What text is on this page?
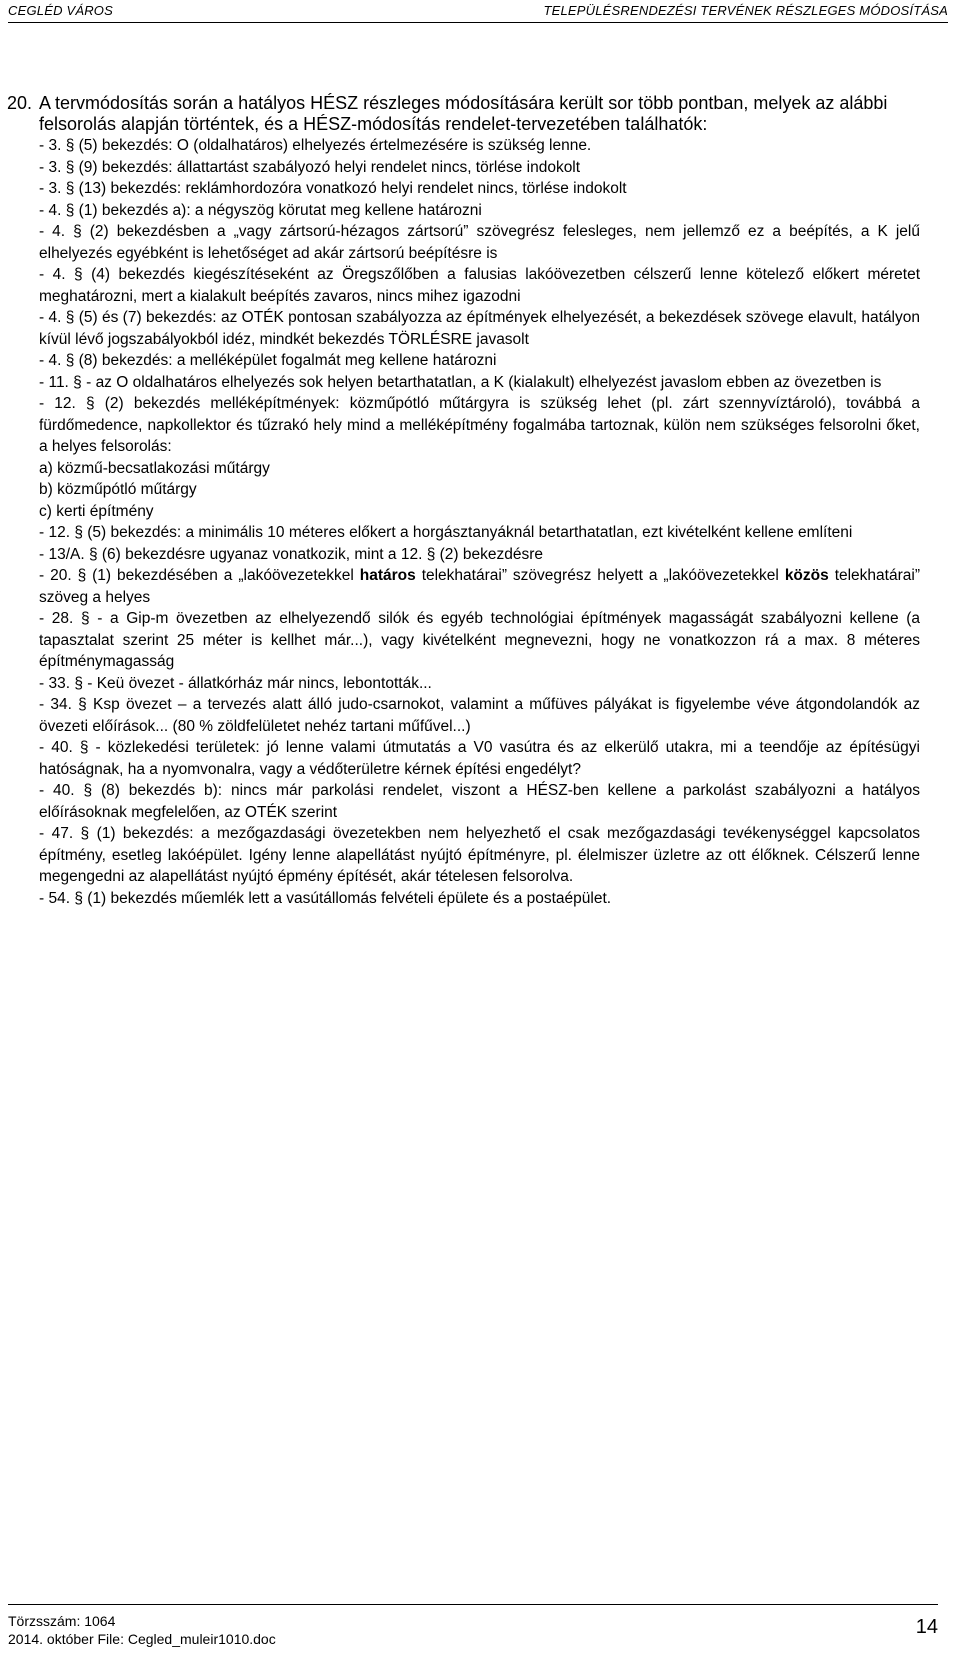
CEGLÉD VÁROS	TELEPÜLÉSRENDEZÉSI TERVÉNEK RÉSZLEGES MÓDOSÍTÁSA
20. A tervmódosítás során a hatályos HÉSZ részleges módosítására került sor több pontban, melyek az alábbi felsorolás alapján történtek, és a HÉSZ-módosítás rendelet-tervezetében találhatók:

- 3. § (5) bekezdés: O (oldalhatáros) elhelyezés értelmezésére is szükség lenne.

- 3. § (9) bekezdés: állattartást szabályozó helyi rendelet nincs, törlése indokolt

- 3. § (13) bekezdés: reklámhordozóra vonatkozó helyi rendelet nincs, törlése indokolt

- 4. § (1) bekezdés a): a négyszög körutat meg kellene határozni

- 4. § (2) bekezdésben a „vagy zártsorú-hézagos zártsorú” szövegrész felesleges, nem jellemző ez a beépítés, a K jelű elhelyezés egyébként is lehetőséget ad akár zártsorú beépítésre is

- 4. § (4) bekezdés kiegészítéseként az Öregszőlőben a falusias lakóövezetben célszerű lenne kötelező előkert méretet meghatározni, mert a kialakult beépítés zavaros, nincs mihez igazodni

- 4. § (5) és (7) bekezdés: az OTÉK pontosan szabályozza az építmények elhelyezését, a bekezdések szövege elavult, hatályon kívül lévő jogszabályokból idéz, mindkét bekezdés TÖRLÉSRE javasolt

- 4. § (8) bekezdés: a melléképület fogalmát meg kellene határozni

- 11. § - az O oldalhatáros elhelyezés sok helyen betarthatatlan, a K (kialakult) elhelyezést javaslom ebben az övezetben is

- 12. § (2) bekezdés melléképítmények: közműpótló műtárgyra is szükség lehet (pl. zárt szennyvíztároló), továbbá a fürdőmedence, napkollektor és tűzrakó hely mind a melléképítmény fogalmába tartoznak, külön nem szükséges felsorolni őket, a helyes felsorolás:

a) közmű-becsatlakozási műtárgy

b) közműpótló műtárgy

c) kerti építmény

- 12. § (5) bekezdés: a minimális 10 méteres előkert a horgásztanyáknál betarthatatlan, ezt kivételként kellene említeni

- 13/A. § (6) bekezdésre ugyanaz vonatkozik, mint a 12. § (2) bekezdésre

- 20. § (1) bekezdésében a „lakóövezetekkel határos telekhatárai” szövegrész helyett a „lakóövezetekkel közös telekhatárai” szöveg a helyes

- 28. § - a Gip-m övezetben az elhelyezendő silók és egyéb technológiai építmények magasságát szabályozni kellene (a tapasztalat szerint 25 méter is kellhet már...), vagy kivételként megnevezni, hogy ne vonatkozzon rá a max. 8 méteres építménymagasság

- 33. § - Keü övezet - állatkórház már nincs, lebontották...

- 34. § Ksp övezet – a tervezés alatt álló judo-csarnokot, valamint a műfüves pályákat is figyelembe véve átgondolandók az övezeti előírások... (80 % zöldfelületet nehéz tartani műfűvel...)

- 40. § - közlekedési területek: jó lenne valami útmutatás a V0 vasútra és az elkerülő utakra, mi a teendője az építésügyi hatóságnak, ha a nyomvonalra, vagy a védőterületre kérnek építési engedélyt?

- 40. § (8) bekezdés b): nincs már parkolási rendelet, viszont a HÉSZ-ben kellene a parkolást szabályozni a hatályos előírásoknak megfelelően, az OTÉK szerint

- 47. § (1) bekezdés: a mezőgazdasági övezetekben nem helyezhető el csak mezőgazdasági tevékenységgel kapcsolatos építmény, esetleg lakóépület. Igény lenne alapellátást nyújtó építményre, pl. élelmiszer üzletre az ott élőknek. Célszerű lenne megengedni az alapellátást nyújtó épmény építését, akár tételesen felsorolva.

- 54. § (1) bekezdés műemlék lett a vasútállomás felvételi épülete és a postaépület.

Törzsszám: 1064
2014. október File: Cegled_muleir1010.doc
14
